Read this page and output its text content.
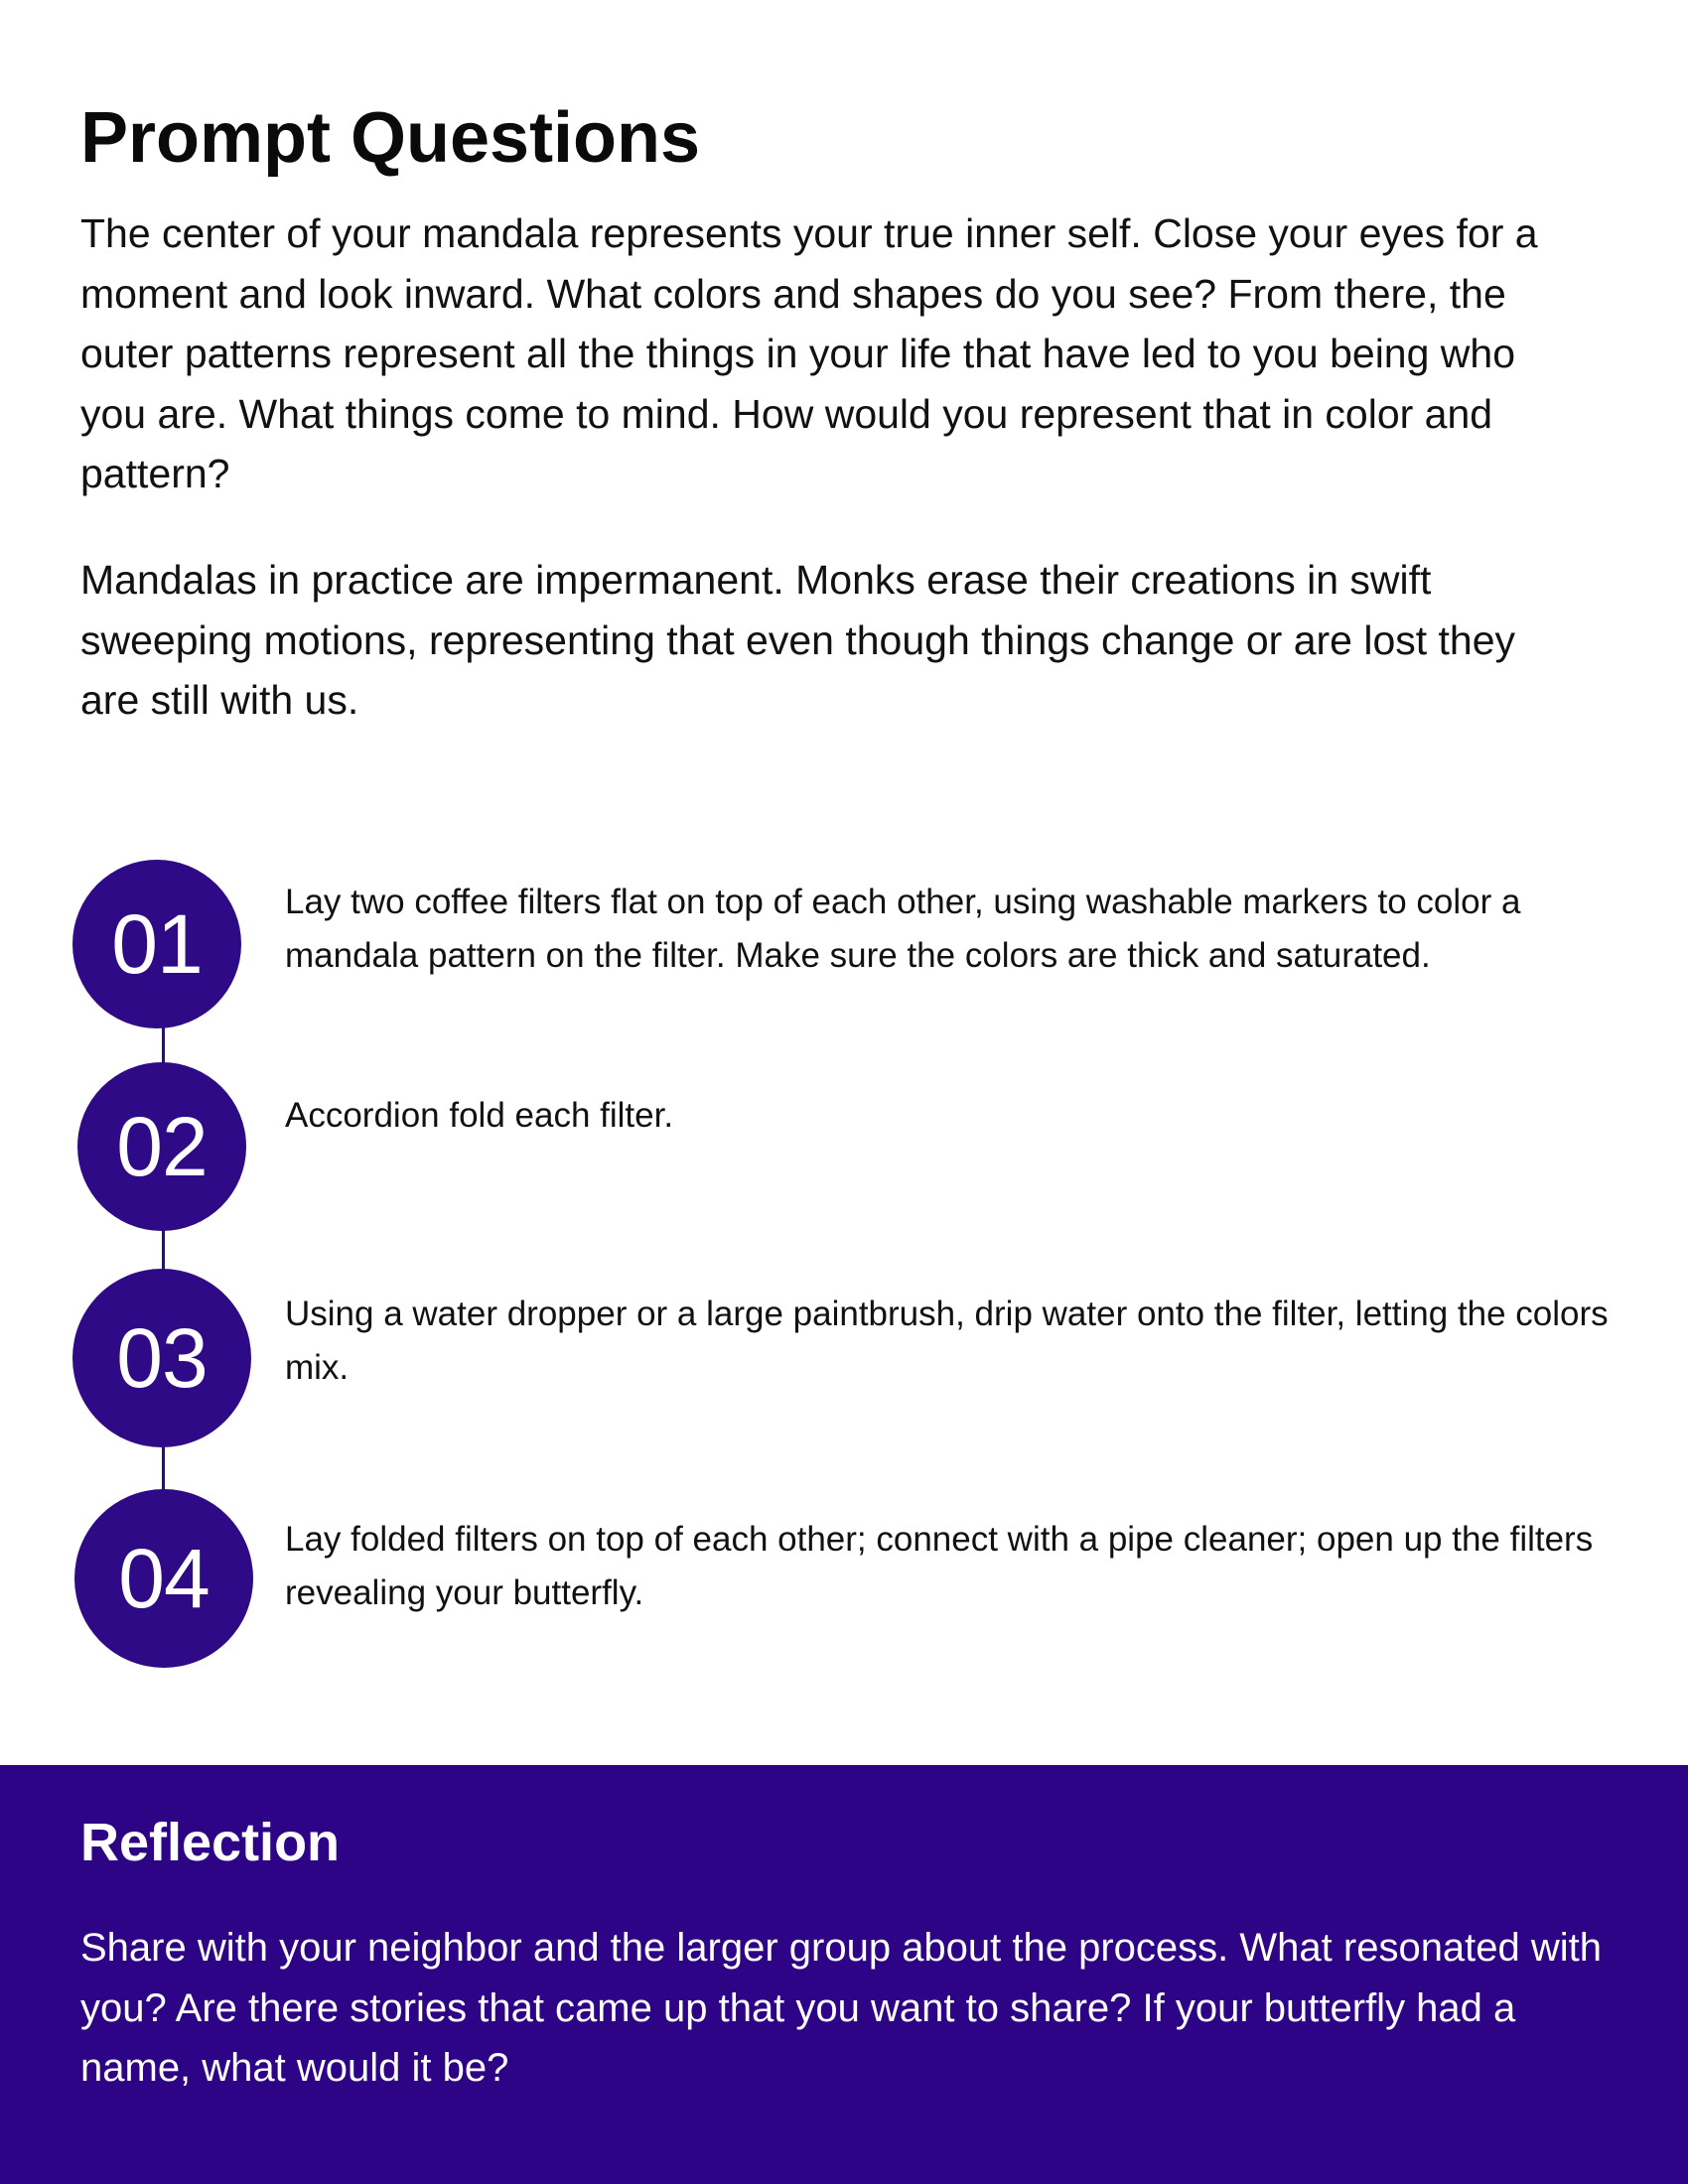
Prompt Questions

The center of your mandala represents your true inner self. Close your eyes for a moment and look inward. What colors and shapes do you see? From there, the outer patterns represent all the things in your life that have led to you being who you are. What things come to mind. How would you represent that in color and pattern?

Mandalas in practice are impermanent. Monks erase their creations in swift sweeping motions, representing that even though things change or are lost they are still with us.

01	Lay two coffee filters flat on top of each other, using washable markers to color a mandala pattern on the filter. Make sure the colors are thick and saturated.

02	Accordion fold each filter.

03	Using a water dropper or a large paintbrush, drip water onto the filter, letting the colors mix.

04	Lay folded filters on top of each other; connect with a pipe cleaner; open up the filters revealing your butterfly.

Reflection

Share with your neighbor and the larger group about the process. What resonated with you? Are there stories that came up that you want to share? If your butterfly had a name, what would it be?
